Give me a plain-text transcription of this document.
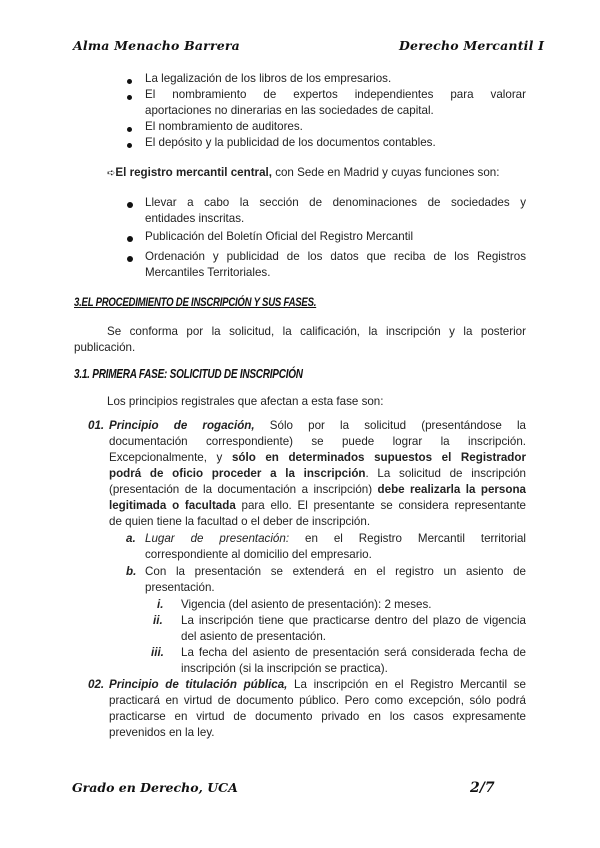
Alma Menacho Barrera	Derecho Mercantil I
La legalización de los libros de los empresarios.
El nombramiento de expertos independientes para valorar
aportaciones no dinerarias en las sociedades de capital.
El nombramiento de auditores.
El depósito y la publicidad de los documentos contables.
➪El registro mercantil central, con Sede en Madrid y cuyas funciones son:
Llevar a cabo la sección de denominaciones de sociedades y
entidades inscritas.
Publicación del Boletín Oficial del Registro Mercantil
Ordenación y publicidad de los datos que reciba de los Registros
Mercantiles Territoriales.
3.EL PROCEDIMIENTO DE INSCRIPCIÓN Y SUS FASES.
Se conforma por la solicitud, la calificación, la inscripción y la posterior
publicación.
3.1. PRIMERA FASE: SOLICITUD DE INSCRIPCIÓN
Los principios registrales que afectan a esta fase son:
01. Principio de rogación, Sólo por la solicitud (presentándose la
documentación correspondiente) se puede lograr la inscripción.
Excepcionalmente, y sólo en determinados supuestos el Registrador
podrá de oficio proceder a la inscripción. La solicitud de inscripción
(presentación de la documentación a inscripción) debe realizarla la persona
legitimada o facultada para ello. El presentante se considera representante
de quien tiene la facultad o el deber de inscripción.
a. Lugar de presentación: en el Registro Mercantil territorial
correspondiente al domicilio del empresario.
b. Con la presentación se extenderá en el registro un asiento de
presentación.
i. Vigencia (del asiento de presentación): 2 meses.
ii. La inscripción tiene que practicarse dentro del plazo de vigencia
del asiento de presentación.
iii. La fecha del asiento de presentación será considerada fecha de
inscripción (si la inscripción se practica).
02. Principio de titulación pública, La inscripción en el Registro Mercantil se
practicará en virtud de documento público. Pero como excepción, sólo podrá
practicarse en virtud de documento privado en los casos expresamente
prevenidos en la ley.
Grado en Derecho, UCA	2/7
